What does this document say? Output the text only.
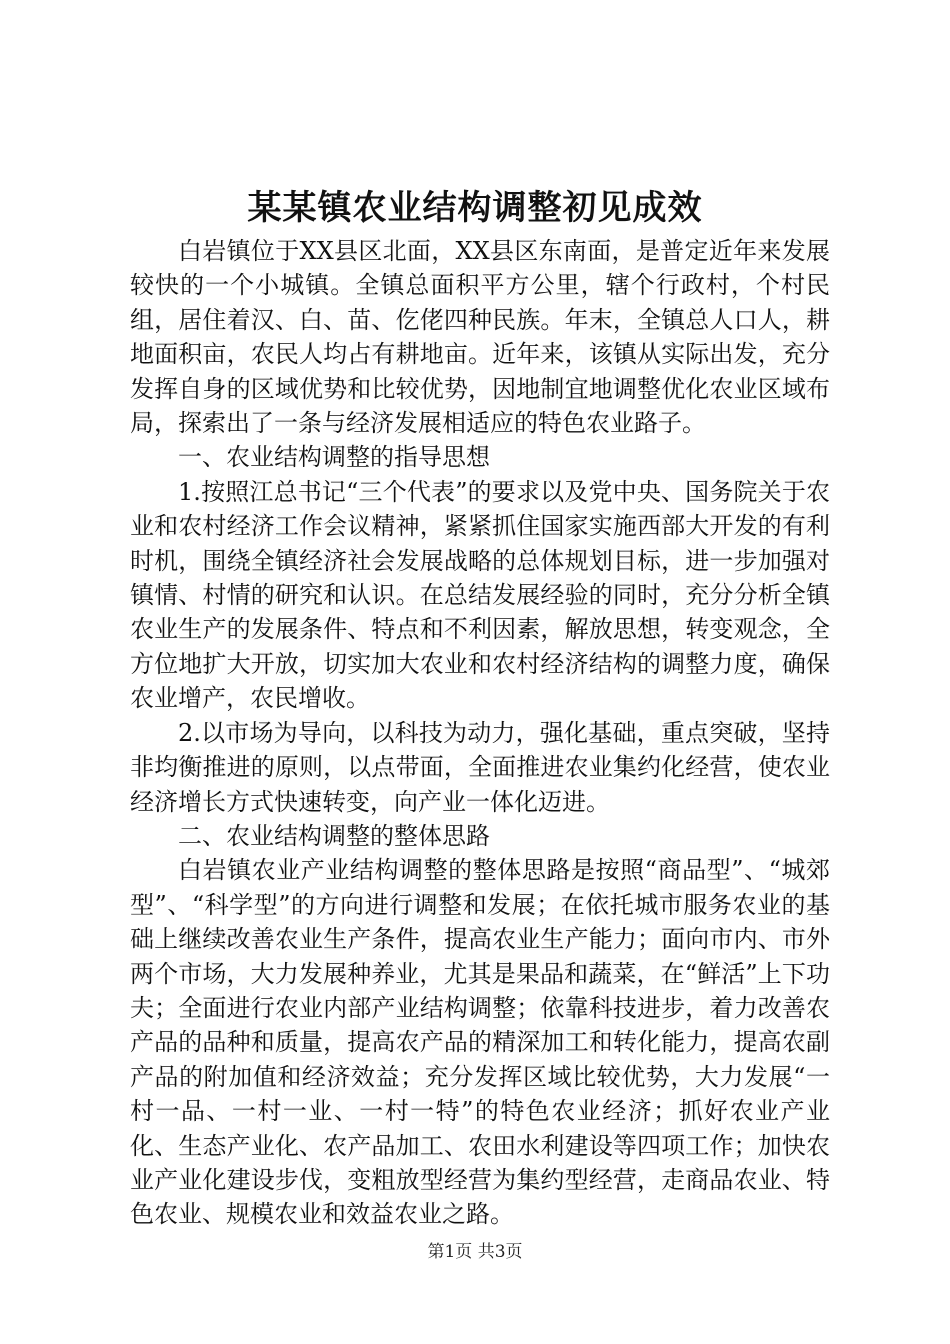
某某镇农业结构调整初见成效

白岩镇位于XX县区北面，XX县区东南面，是普定近年来发展较快的一个小城镇。全镇总面积平方公里，辖个行政村，个村民组，居住着汉、白、苗、仡佬四种民族。年末，全镇总人口人，耕地面积亩，农民人均占有耕地亩。近年来，该镇从实际出发，充分发挥自身的区域优势和比较优势，因地制宜地调整优化农业区域布局，探索出了一条与经济发展相适应的特色农业路子。

一、农业结构调整的指导思想

1.按照江总书记“三个代表”的要求以及党中央、国务院关于农业和农村经济工作会议精神，紧紧抓住国家实施西部大开发的有利时机，围绕全镇经济社会发展战略的总体规划目标，进一步加强对镇情、村情的研究和认识。在总结发展经验的同时，充分分析全镇农业生产的发展条件、特点和不利因素，解放思想，转变观念，全方位地扩大开放，切实加大农业和农村经济结构的调整力度，确保农业增产，农民增收。

2.以市场为导向，以科技为动力，强化基础，重点突破，坚持非均衡推进的原则，以点带面，全面推进农业集约化经营，使农业经济增长方式快速转变，向产业一体化迈进。

二、农业结构调整的整体思路

白岩镇农业产业结构调整的整体思路是按照“商品型”、“城郊型”、“科学型”的方向进行调整和发展；在依托城市服务农业的基础上继续改善农业生产条件，提高农业生产能力；面向市内、市外两个市场，大力发展种养业，尤其是果品和蔬菜，在“鲜活”上下功夫；全面进行农业内部产业结构调整；依靠科技进步，着力改善农产品的品种和质量，提高农产品的精深加工和转化能力，提高农副产品的附加值和经济效益；充分发挥区域比较优势，大力发展“一村一品、一村一业、一村一特”的特色农业经济；抓好农业产业化、生态产业化、农产品加工、农田水利建设等四项工作；加快农业产业化建设步伐，变粗放型经营为集约型经营，走商品农业、特色农业、规模农业和效益农业之路。

第1页 共3页
